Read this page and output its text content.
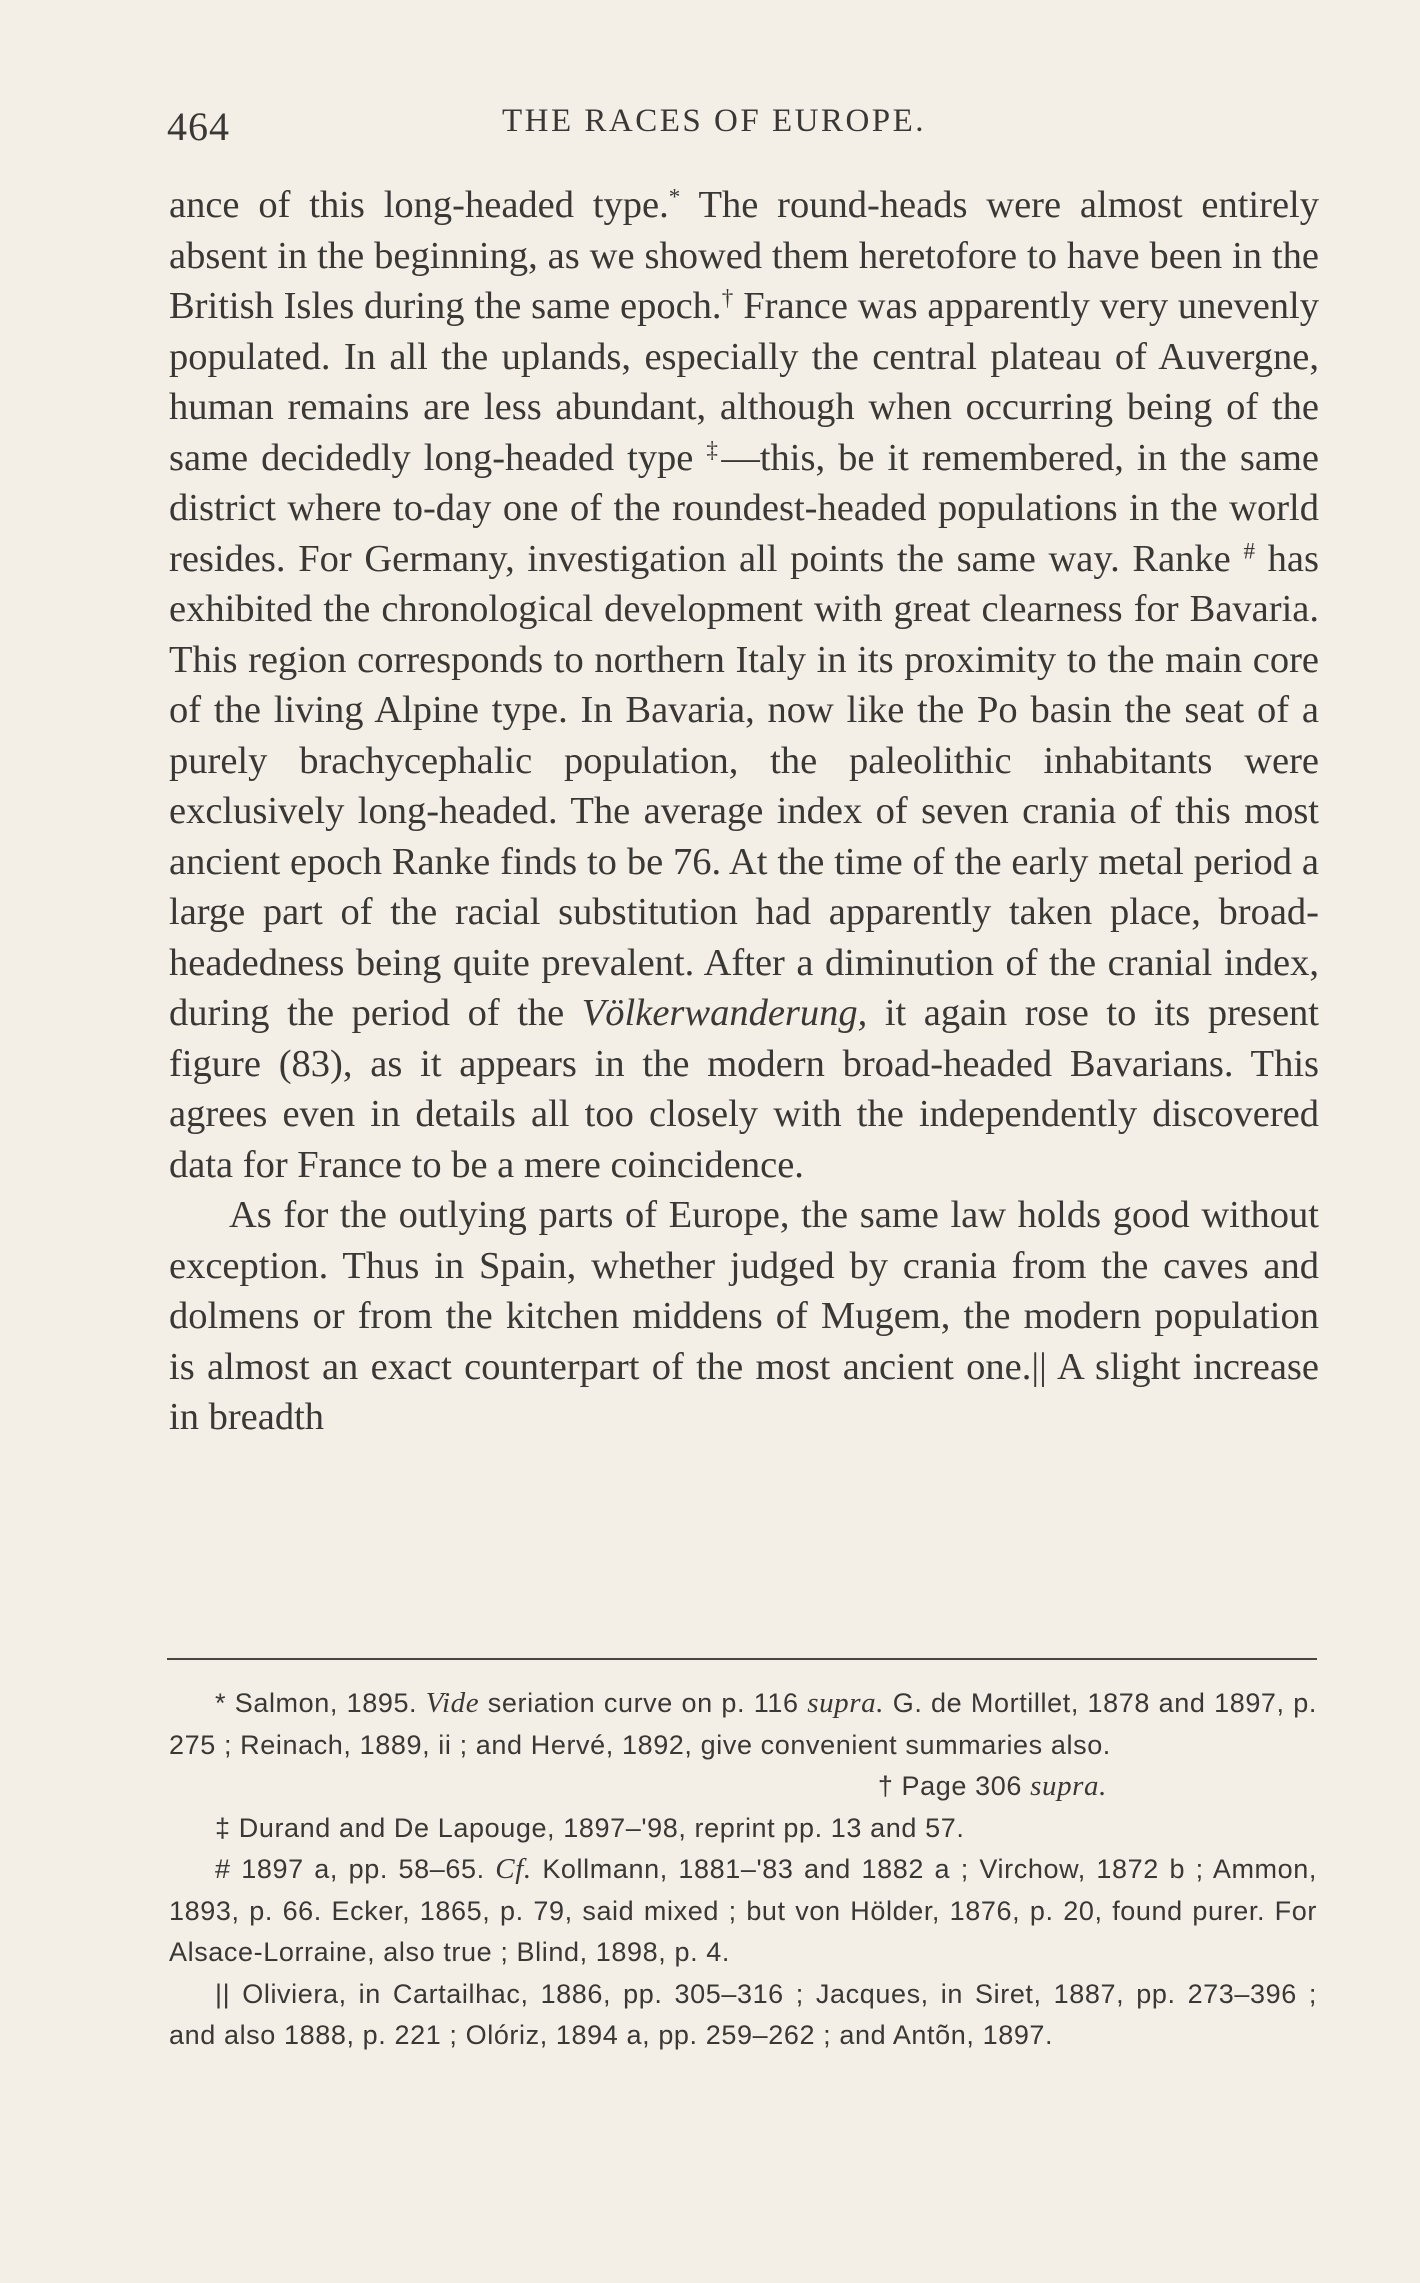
464	THE RACES OF EUROPE.

ance of this long-headed type.* The round-heads were almost entirely absent in the beginning, as we showed them heretofore to have been in the British Isles during the same epoch.† France was apparently very unevenly populated. In all the uplands, especially the central plateau of Auvergne, human remains are less abundant, although when occurring being of the same decidedly long-headed type ‡—this, be it remembered, in the same district where to-day one of the roundest-headed populations in the world resides. For Germany, investigation all points the same way. Ranke # has exhibited the chronological development with great clearness for Bavaria. This region corresponds to northern Italy in its proximity to the main core of the living Alpine type. In Bavaria, now like the Po basin the seat of a purely brachycephalic population, the paleolithic inhabitants were exclusively long-headed. The average index of seven crania of this most ancient epoch Ranke finds to be 76. At the time of the early metal period a large part of the racial substitution had apparently taken place, broad-headedness being quite prevalent. After a diminution of the cranial index, during the period of the Völkerwanderung, it again rose to its present figure (83), as it appears in the modern broad-headed Bavarians. This agrees even in details all too closely with the independently discovered data for France to be a mere coincidence.

As for the outlying parts of Europe, the same law holds good without exception. Thus in Spain, whether judged by crania from the caves and dolmens or from the kitchen middens of Mugem, the modern population is almost an exact counterpart of the most ancient one.|| A slight increase in breadth

* Salmon, 1895. Vide seriation curve on p. 116 supra. G. de Mortillet, 1878 and 1897, p. 275 ; Reinach, 1889, ii ; and Hervé, 1892, give convenient summaries also.

† Page 306 supra.

‡ Durand and De Lapouge, 1897–'98, reprint pp. 13 and 57.

# 1897 a, pp. 58–65. Cf. Kollmann, 1881–'83 and 1882 a ; Virchow, 1872 b ; Ammon, 1893, p. 66. Ecker, 1865, p. 79, said mixed ; but von Hölder, 1876, p. 20, found purer. For Alsace-Lorraine, also true ; Blind, 1898, p. 4.

|| Oliviera, in Cartailhac, 1886, pp. 305–316 ; Jacques, in Siret, 1887, pp. 273–396 ; and also 1888, p. 221 ; Olóriz, 1894 a, pp. 259–262 ; and Antõn, 1897.
